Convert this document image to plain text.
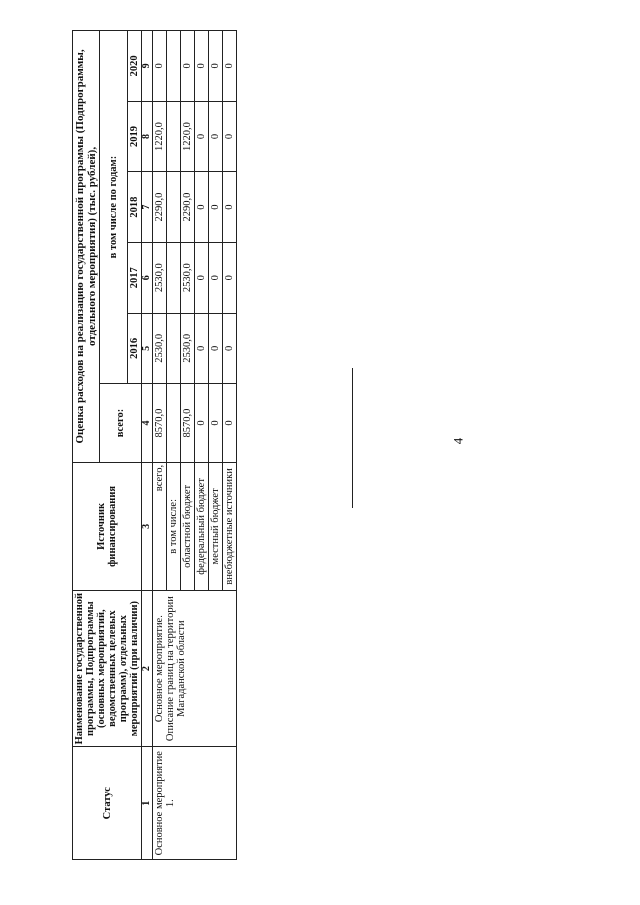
4
Статус	Наименование государственной программы, Подпрограммы (основных мероприятий, ведомственных целевых программ), отдельных мероприятий (при наличии)	Источник финансирования	Оценка расходов на реализацию государственной программы (Подпрограммы, отдельного мероприятия) (тыс. рублей),					
			всего:	в том числе по годам:				
				2016	2017	2018	2019	2020
1	2	3	4	5	6	7	8	9
Основное мероприятие 1.	Основное мероприятие. Описание границ на территории Магаданской области	всего,	8570,0	2530,0	2530,0	2290,0	1220,0	0
		в том числе:						
		областной бюджет	8570,0	2530,0	2530,0	2290,0	1220,0	0
		федеральный бюджет	0	0	0	0	0	0
		местный бюджет	0	0	0	0	0	0
		внебюджетные источники	0	0	0	0	0	0
